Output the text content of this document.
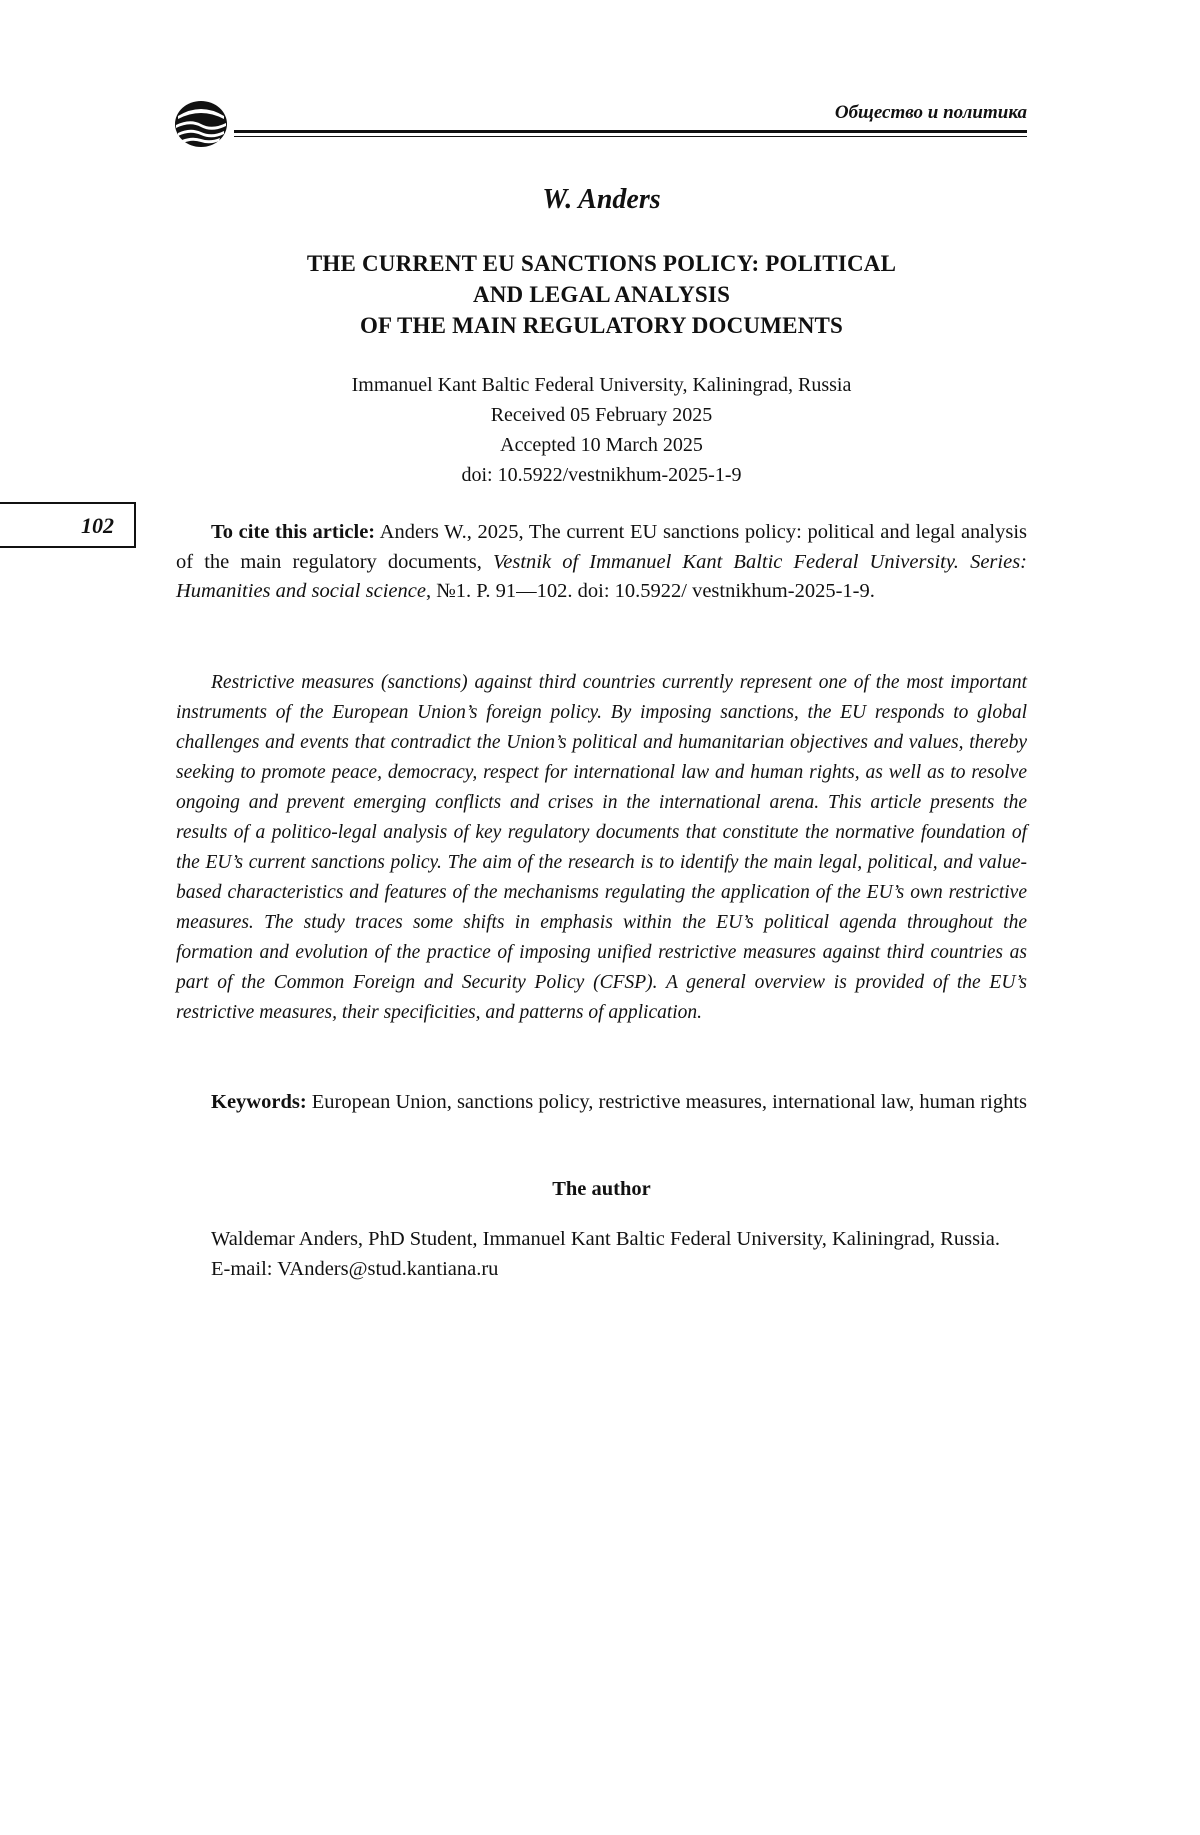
Общество и политика
102
W. Anders
THE CURRENT EU SANCTIONS POLICY: POLITICAL
AND LEGAL ANALYSIS
OF THE MAIN REGULATORY DOCUMENTS
Immanuel Kant Baltic Federal University, Kaliningrad, Russia
Received 05 February 2025
Accepted 10 March 2025
doi: 10.5922/vestnikhum-2025-1-9
To cite this article: Anders W., 2025, The current EU sanctions policy: political and legal analysis of the main regulatory documents, Vestnik of Immanuel Kant Baltic Federal University. Series: Humanities and social science, №1. P. 91—102. doi: 10.5922/ vestnikhum-2025-1-9.

Restrictive measures (sanctions) against third countries currently represent one of the most important instruments of the European Union’s foreign policy. By imposing sanctions, the EU responds to global challenges and events that contradict the Union’s political and humanitarian objectives and values, thereby seeking to promote peace, democracy, respect for international law and human rights, as well as to resolve ongoing and prevent emerging conflicts and crises in the international arena. This article presents the results of a politico-legal analysis of key regulatory documents that constitute the normative foundation of the EU’s current sanctions policy. The aim of the research is to identify the main legal, political, and value-based characteristics and features of the mechanisms regulating the application of the EU’s own restrictive measures. The study traces some shifts in emphasis within the EU’s political agenda throughout the formation and evolution of the practice of imposing unified restrictive measures against third countries as part of the Common Foreign and Security Policy (CFSP). A general overview is provided of the EU’s restrictive measures, their specificities, and patterns of application.

Keywords: European Union, sanctions policy, restrictive measures, international law, human rights
The author

Waldemar Anders, PhD Student, Immanuel Kant Baltic Federal University, Kaliningrad, Russia.

E-mail: VAnders@stud.kantiana.ru
